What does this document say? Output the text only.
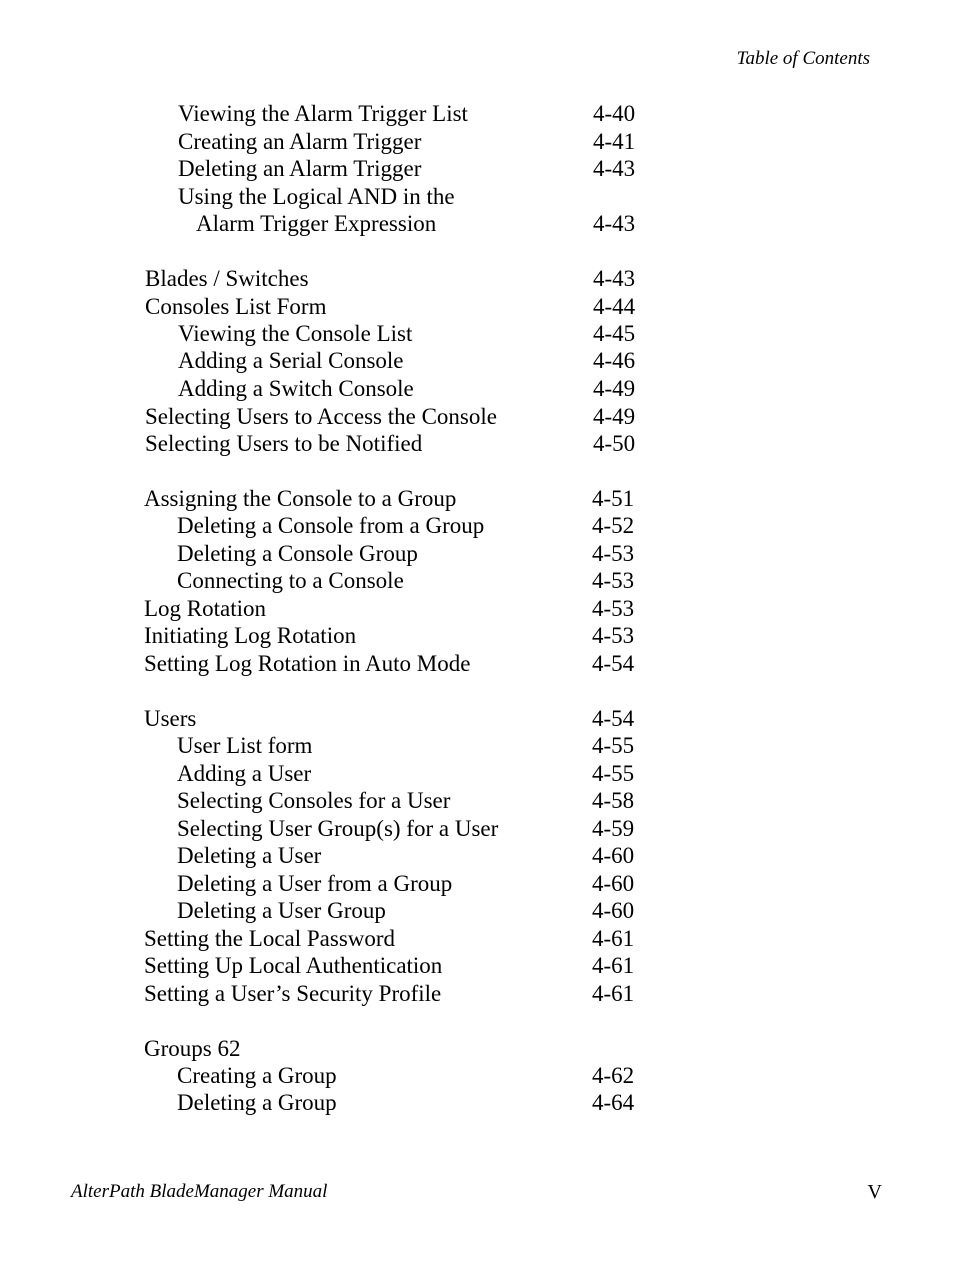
Table of Contents
Viewing the Alarm Trigger List	4-40
Creating an Alarm Trigger	4-41
Deleting an Alarm Trigger	4-43
Using the Logical AND in the
Alarm Trigger Expression	4-43
Blades / Switches	4-43
Consoles List Form	4-44
Viewing the Console List	4-45
Adding a Serial Console	4-46
Adding a Switch Console	4-49
Selecting Users to Access the Console	4-49
Selecting Users to be Notified	4-50
Assigning the Console to a Group	4-51
Deleting a Console from a Group	4-52
Deleting a Console Group	4-53
Connecting to a Console	4-53
Log Rotation	4-53
Initiating Log Rotation	4-53
Setting Log Rotation in Auto Mode	4-54
Users	4-54
User List form	4-55
Adding a User	4-55
Selecting Consoles for a User	4-58
Selecting User Group(s) for a User	4-59
Deleting a User	4-60
Deleting a User from a Group	4-60
Deleting a User Group	4-60
Setting the Local Password	4-61
Setting Up Local Authentication	4-61
Setting a User’s Security Profile	4-61
Groups 62
Creating a Group	4-62
Deleting a Group	4-64
AlterPath BladeManager Manual	V
